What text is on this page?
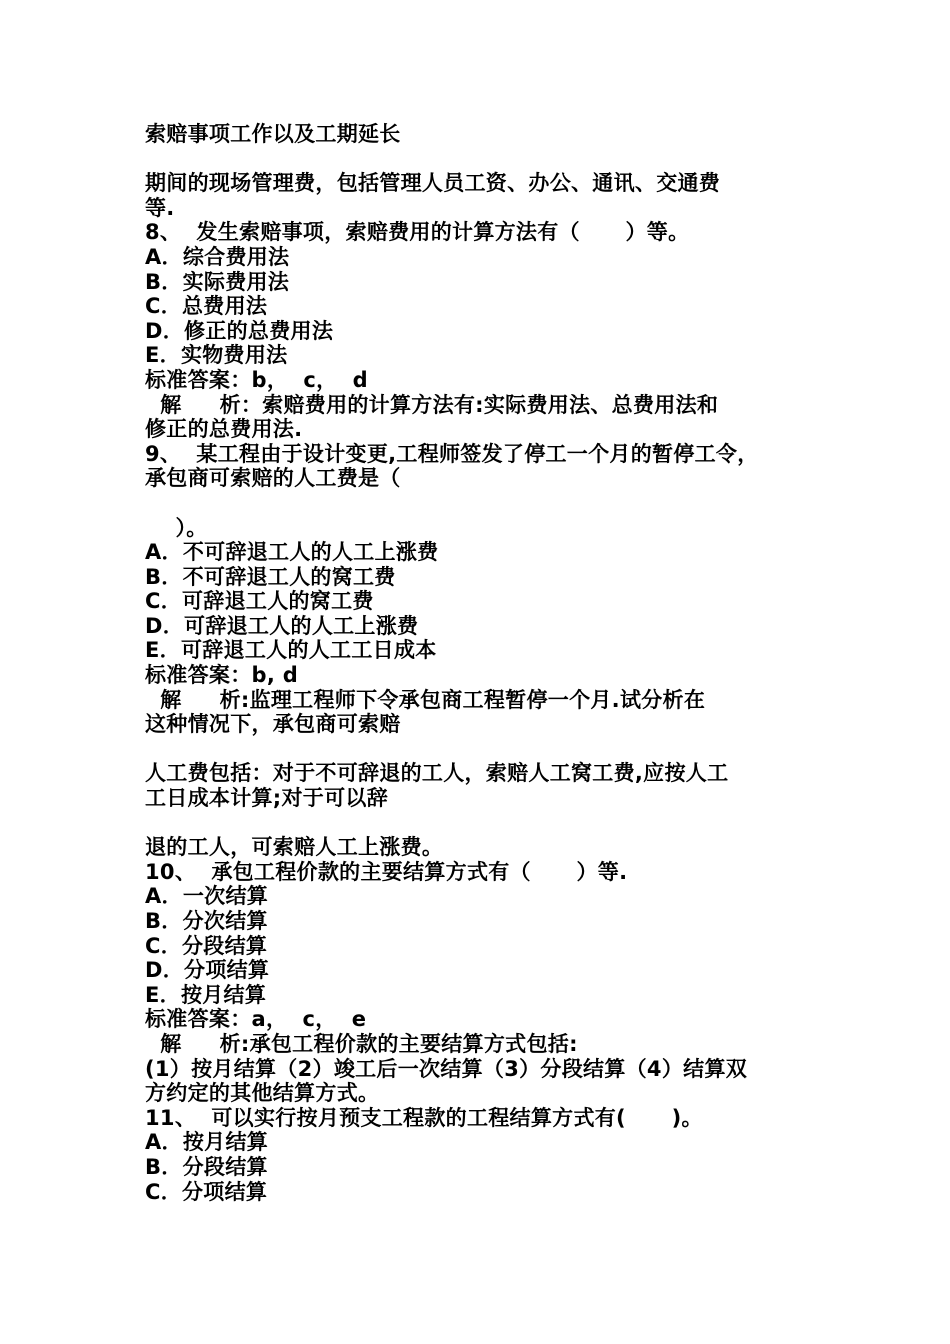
索赔事项工作以及工期延长
期间的现场管理费，包括管理人员工资、办公、通讯、交通费
等.
8、  发生索赔事项，索赔费用的计算方法有（      ）等。
A．综合费用法
B．实际费用法
C．总费用法
D．修正的总费用法
E．实物费用法
标准答案：b，  c，  d
解     析：索赔费用的计算方法有:实际费用法、总费用法和
修正的总费用法.
9、  某工程由于设计变更,工程师签发了停工一个月的暂停工令，
承包商可索赔的人工费是（
）。
A．不可辞退工人的人工上涨费
B．不可辞退工人的窝工费
C．可辞退工人的窝工费
D．可辞退工人的人工上涨费
E．可辞退工人的人工工日成本
标准答案：b, d
解     析:监理工程师下令承包商工程暂停一个月.试分析在
这种情况下，承包商可索赔
人工费包括：对于不可辞退的工人，索赔人工窝工费,应按人工
工日成本计算;对于可以辞
退的工人，可索赔人工上涨费。
10、  承包工程价款的主要结算方式有（      ）等.
A．一次结算
B．分次结算
C．分段结算
D．分项结算
E．按月结算
标准答案：a，  c，  e
解     析:承包工程价款的主要结算方式包括:
(1）按月结算（2）竣工后一次结算（3）分段结算（4）结算双
方约定的其他结算方式。
11、  可以实行按月预支工程款的工程结算方式有(      )。
A．按月结算
B．分段结算
C．分项结算
